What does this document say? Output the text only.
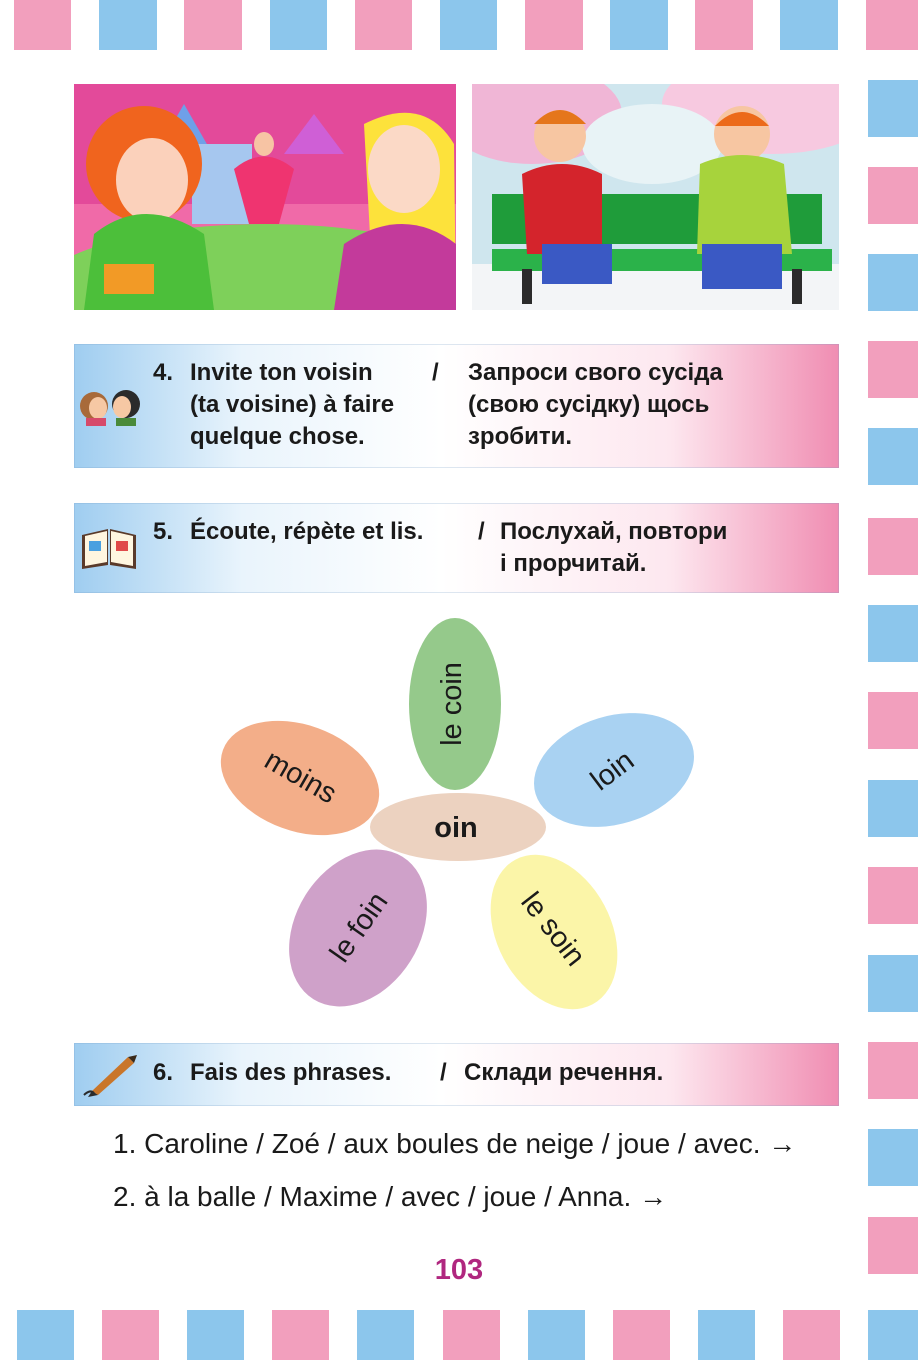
4. Invite ton voisin
(ta voisine) à faire
quelque chose.
/ Запроси свого сусіда
(свою сусідку) щось
зробити.
5. Écoute, répète et lis. / Послухай, повтори
і прорчитай.
le coin
loin
le soin
le foin
moins
oin
6. Fais des phrases. / Склади речення.
1. Caroline / Zoé / aux boules de neige / joue / avec. →
2. à la balle / Maxime / avec / joue / Anna. →
103
